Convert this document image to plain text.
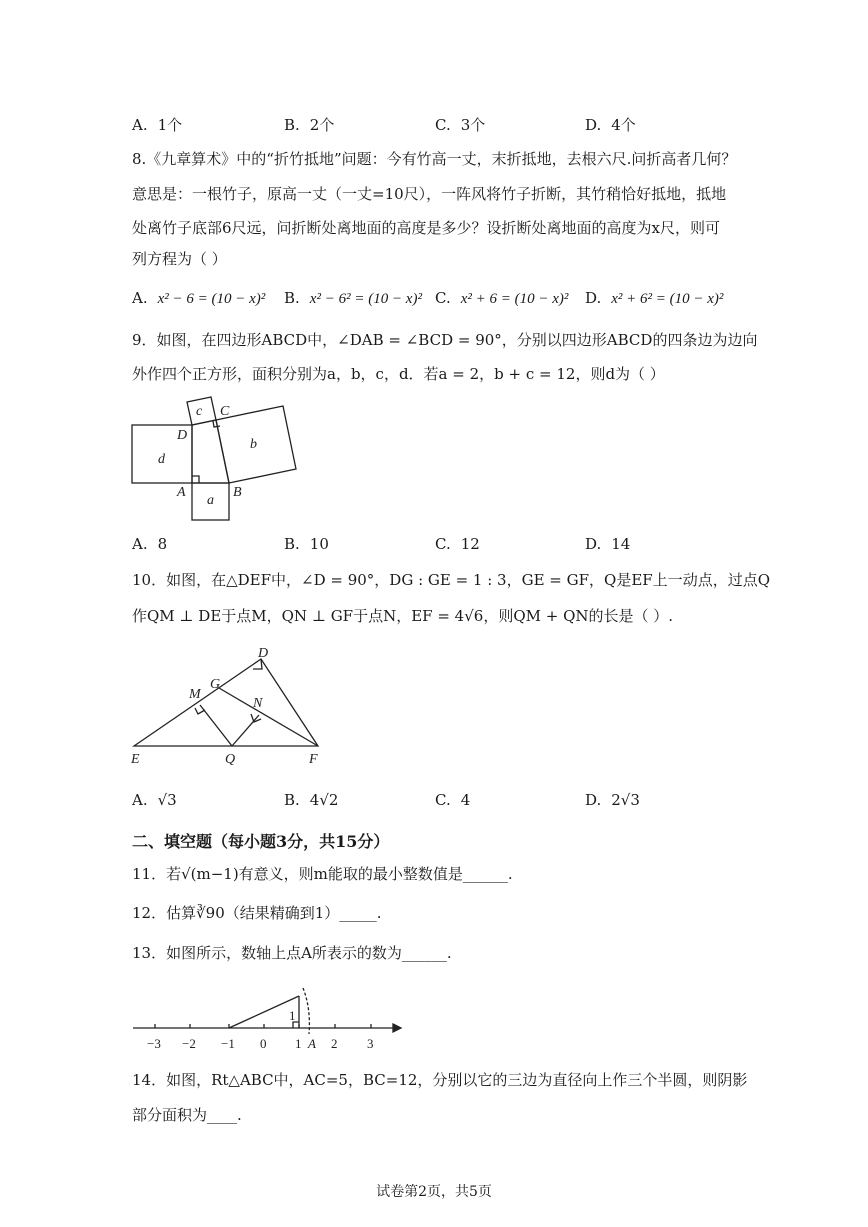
A. 1个	B. 2个	C. 3个	D. 4个
8.《九章算术》中的“折竹抵地”问题：今有竹高一丈，末折抵地，去根六尺.问折高者几何？
意思是：一根竹子，原高一丈（一丈=10尺），一阵风将竹子折断，其竹稍恰好抵地，抵地
处离竹子底部6尺远，问折断处离地面的高度是多少？设折断处离地面的高度为x尺，则可
列方程为（ ）
A. x² − 6 = (10 − x)² B. x² − 6² = (10 − x)² C. x² + 6 = (10 − x)² D. x² + 6² = (10 − x)²
9．如图，在四边形ABCD中，∠DAB = ∠BCD = 90°，分别以四边形ABCD的四条边为边向
外作四个正方形，面积分别为a，b，c，d．若a = 2，b + c = 12，则d为（ ）
c C
D
b
d
A	B
a
A. 8	B. 10	C. 12	D. 14
10．如图，在△DEF中，∠D = 90°，DG : GE = 1 : 3，GE = GF，Q是EF上一动点，过点Q
作QM ⊥ DE于点M，QN ⊥ GF于点N，EF = 4√6，则QM + QN的长是（ ）.
D
G
M
N
E	Q	F
A. √3	B. 4√2	C. 4	D. 2√3
二、填空题（每小题3分，共15分）
11．若√(m−1)有意义，则m能取的最小整数值是______.
12．估算∛90（结果精确到1）_____.
13．如图所示，数轴上点A所表示的数为______.
−3 −2 −1 0 1 2 3
A
1
14．如图，Rt△ABC中，AC=5，BC=12，分别以它的三边为直径向上作三个半圆，则阴影
部分面积为____.
试卷第2页，共5页
